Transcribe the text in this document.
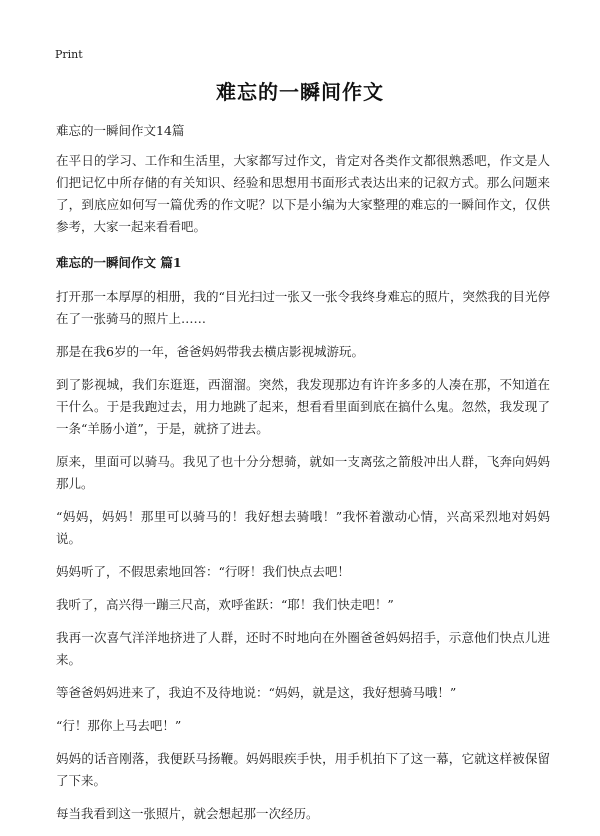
Print
难忘的一瞬间作文

难忘的一瞬间作文14篇

在平日的学习、工作和生活里，大家都写过作文，肯定对各类作文都很熟悉吧，作文是人们把记忆中所存储的有关知识、经验和思想用书面形式表达出来的记叙方式。那么问题来了，到底应如何写一篇优秀的作文呢？以下是小编为大家整理的难忘的一瞬间作文，仅供参考，大家一起来看看吧。

难忘的一瞬间作文 篇1

打开那一本厚厚的相册，我的“目光扫过一张又一张令我终身难忘的照片，突然我的目光停在了一张骑马的照片上……

那是在我6岁的一年，爸爸妈妈带我去横店影视城游玩。

到了影视城，我们东逛逛，西溜溜。突然，我发现那边有许许多多的人凑在那，不知道在干什么。于是我跑过去，用力地跳了起来，想看看里面到底在搞什么鬼。忽然，我发现了一条“羊肠小道”，于是，就挤了进去。

原来，里面可以骑马。我见了也十分分想骑，就如一支离弦之箭般冲出人群，飞奔向妈妈那儿。

“妈妈，妈妈！那里可以骑马的！我好想去骑哦！”我怀着激动心情，兴高采烈地对妈妈说。

妈妈听了，不假思索地回答：“行呀！我们快点去吧！

我听了，高兴得一蹦三尺高，欢呼雀跃：“耶！我们快走吧！”

我再一次喜气洋洋地挤进了人群，还时不时地向在外圈爸爸妈妈招手，示意他们快点儿进来。

等爸爸妈妈进来了，我迫不及待地说：“妈妈，就是这，我好想骑马哦！”

“行！那你上马去吧！”

妈妈的话音刚落，我便跃马扬鞭。妈妈眼疾手快，用手机拍下了这一幕，它就这样被保留了下来。

每当我看到这一张照片，就会想起那一次经历。
